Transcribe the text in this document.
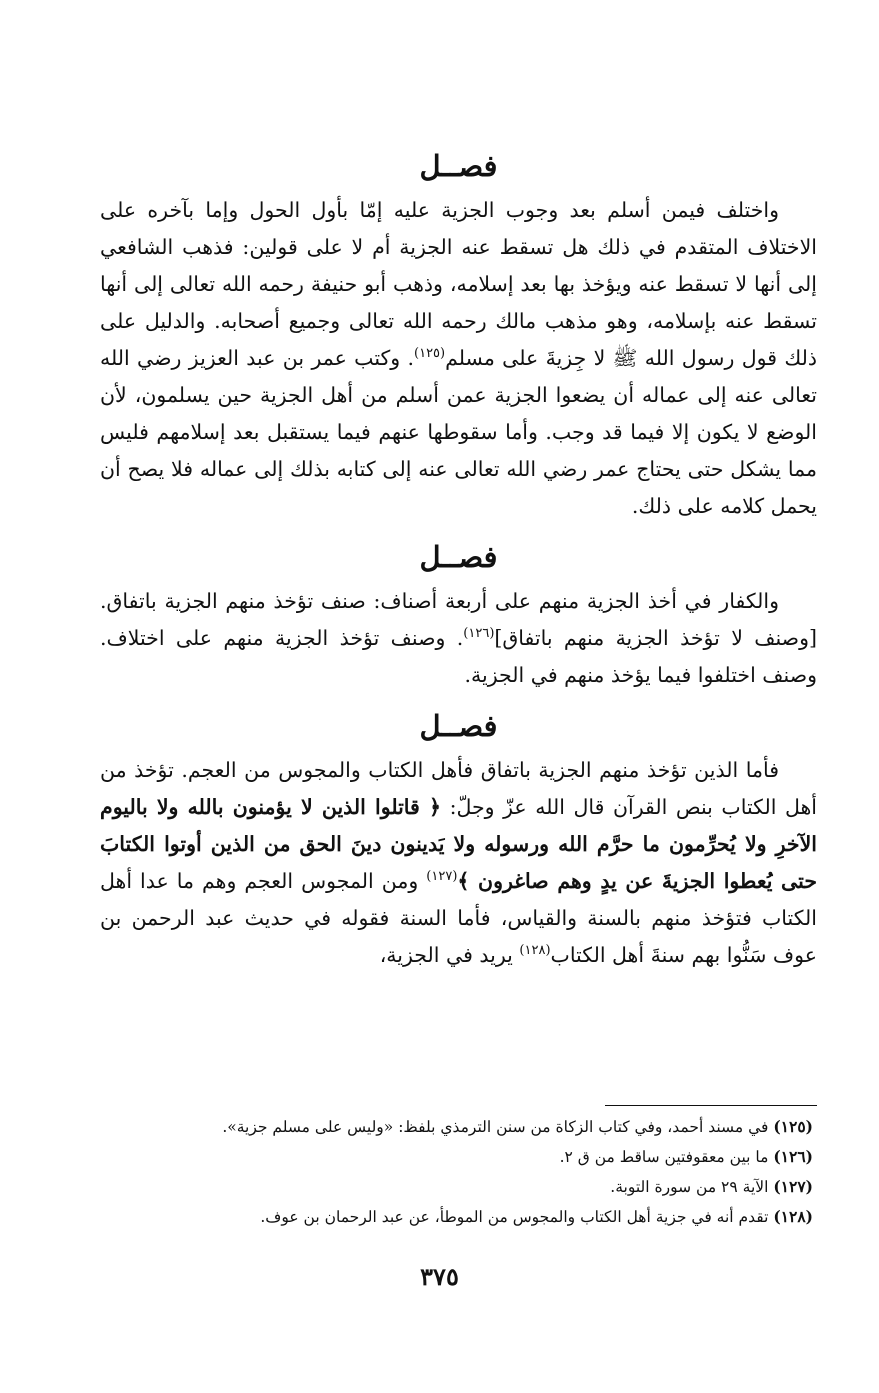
فصــل

واختلف فيمن أسلم بعد وجوب الجزية عليه إمّا بأول الحول وإما بآخره على الاختلاف المتقدم في ذلك هل تسقط عنه الجزية أم لا على قولين: فذهب الشافعي إلى أنها لا تسقط عنه ويؤخذ بها بعد إسلامه، وذهب أبو حنيفة رحمه الله تعالى إلى أنها تسقط عنه بإسلامه، وهو مذهب مالك رحمه الله تعالى وجميع أصحابه. والدليل على ذلك قول رسول الله ﷺ لا جِزيةَ على مسلم$^{(١٢٥)}$. وكتب عمر بن عبد العزيز رضي الله تعالى عنه إلى عماله أن يضعوا الجزية عمن أسلم من أهل الجزية حين يسلمون، لأن الوضع لا يكون إلا فيما قد وجب. وأما سقوطها عنهم فيما يستقبل بعد إسلامهم فليس مما يشكل حتى يحتاج عمر رضي الله تعالى عنه إلى كتابه بذلك إلى عماله فلا يصح أن يحمل كلامه على ذلك.

فصــل

والكفار في أخذ الجزية منهم على أربعة أصناف: صنف تؤخذ منهم الجزية باتفاق. [وصنف لا تؤخذ الجزية منهم باتفاق]$^{(١٢٦)}$. وصنف تؤخذ الجزية منهم على اختلاف. وصنف اختلفوا فيما يؤخذ منهم في الجزية.

فصــل

فأما الذين تؤخذ منهم الجزية باتفاق فأهل الكتاب والمجوس من العجم. تؤخذ من أهل الكتاب بنص القرآن قال الله عزّ وجلّ: ﴿ قاتلوا الذين لا يؤمنون بالله ولا باليوم الآخرِ ولا يُحرِّمون ما حرَّم الله ورسوله ولا يَدينون دينَ الحق من الذين أوتوا الكتابَ حتى يُعطوا الجزيةَ عن يدٍ وهم صاغرون ﴾$^{(١٢٧)}$ ومن المجوس العجم وهم ما عدا أهل الكتاب فتؤخذ منهم بالسنة والقياس، فأما السنة فقوله في حديث عبد الرحمن بن عوف سَنُّوا بهم سنةَ أهل الكتاب$^{(١٢٨)}$ يريد في الجزية،

(١٢٥) في مسند أحمد، وفي كتاب الزكاة من سنن الترمذي بلفظ: «وليس على مسلم جزية».

(١٢٦) ما بين معقوفتين ساقط من ق ٢.

(١٢٧) الآية ٢٩ من سورة التوبة.

(١٢٨) تقدم أنه في جزية أهل الكتاب والمجوس من الموطأ، عن عبد الرحمان بن عوف.

٣٧٥
